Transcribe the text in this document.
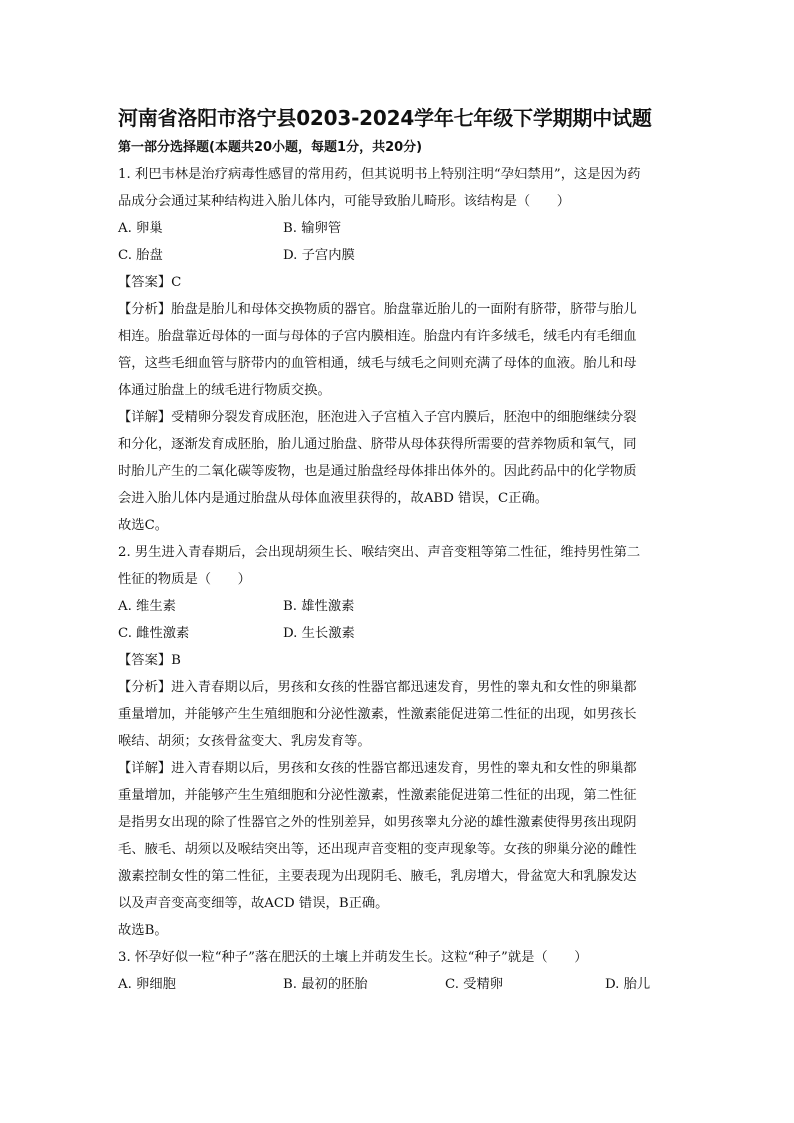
河南省洛阳市洛宁县0203-2024学年七年级下学期期中试题
第一部分选择题(本题共20小题，每题1分，共20分)

1. 利巴韦林是治疗病毒性感冒的常用药，但其说明书上特别注明“孕妇禁用”，这是因为药

品成分会通过某种结构进入胎儿体内，可能导致胎儿畸形。该结构是（　　）

A. 卵巢	B. 输卵管
C. 胎盘	D. 子宫内膜

【答案】C

【分析】胎盘是胎儿和母体交换物质的器官。胎盘靠近胎儿的一面附有脐带，脐带与胎儿

相连。胎盘靠近母体的一面与母体的子宫内膜相连。胎盘内有许多绒毛，绒毛内有毛细血

管，这些毛细血管与脐带内的血管相通，绒毛与绒毛之间则充满了母体的血液。胎儿和母

体通过胎盘上的绒毛进行物质交换。

【详解】受精卵分裂发育成胚泡，胚泡进入子宫植入子宫内膜后，胚泡中的细胞继续分裂

和分化，逐渐发育成胚胎，胎儿通过胎盘、脐带从母体获得所需要的营养物质和氧气，同

时胎儿产生的二氧化碳等废物，也是通过胎盘经母体排出体外的。因此药品中的化学物质

会进入胎儿体内是通过胎盘从母体血液里获得的，故ABD 错误，C正确。

故选C。

2. 男生进入青春期后，会出现胡须生长、喉结突出、声音变粗等第二性征，维持男性第二

性征的物质是（　　）

A. 维生素	B. 雄性激素
C. 雌性激素	D. 生长激素

【答案】B

【分析】进入青春期以后，男孩和女孩的性器官都迅速发育，男性的睾丸和女性的卵巢都

重量增加，并能够产生生殖细胞和分泌性激素，性激素能促进第二性征的出现，如男孩长

喉结、胡须；女孩骨盆变大、乳房发育等。

【详解】进入青春期以后，男孩和女孩的性器官都迅速发育，男性的睾丸和女性的卵巢都

重量增加，并能够产生生殖细胞和分泌性激素，性激素能促进第二性征的出现，第二性征

是指男女出现的除了性器官之外的性别差异，如男孩睾丸分泌的雄性激素使得男孩出现阴

毛、腋毛、胡须以及喉结突出等，还出现声音变粗的变声现象等。女孩的卵巢分泌的雌性

激素控制女性的第二性征，主要表现为出现阴毛、腋毛，乳房增大，骨盆宽大和乳腺发达

以及声音变高变细等，故ACD 错误，B正确。

故选B。

3. 怀孕好似一粒“种子”落在肥沃的土壤上并萌发生长。这粒“种子”就是（　　）

A. 卵细胞	B. 最初的胚胎	C. 受精卵	D. 胎儿
